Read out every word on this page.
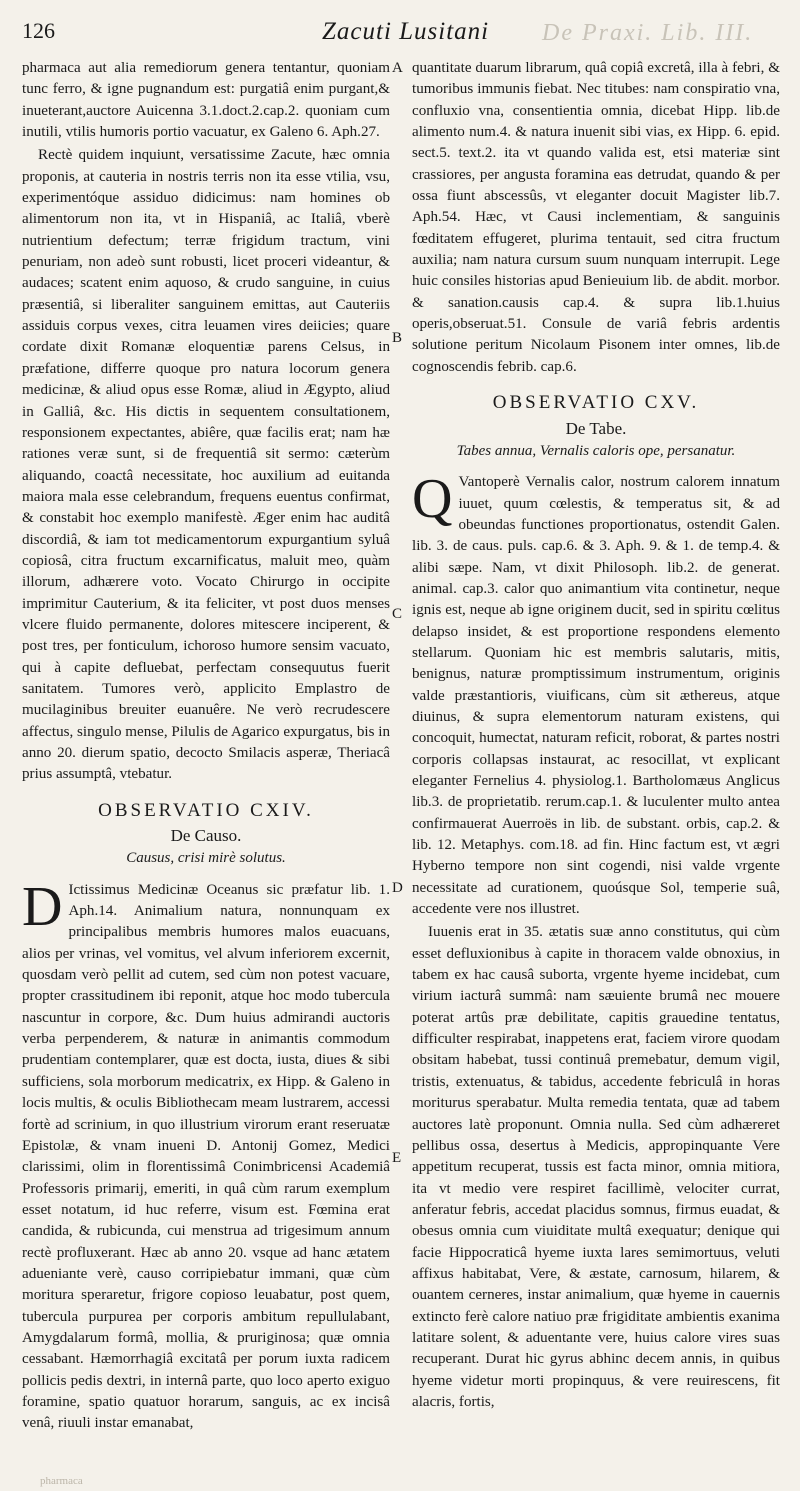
126	Zacuti Lusitani De Praxi. Lib. III.
A
B
C
D
E

pharmaca aut alia remediorum genera tentantur, quoniam tunc ferro, & igne pugnandum est: purgatiâ enim purgant,& inueterant,auctore Auicenna 3.1.doct.2.cap.2. quoniam cum inutili, vtilis humoris portio vacuatur, ex Galeno 6. Aph.27.

Rectè quidem inquiunt, versatissime Zacute, hæc omnia proponis, at cauteria in nostris terris non ita esse vtilia, vsu, experimentóque assiduo didicimus: nam homines ob alimentorum non ita, vt in Hispaniâ, ac Italiâ, vberè nutrientium defectum; terræ frigidum tractum, vini penuriam, non adeò sunt robusti, licet proceri videantur, & audaces; scatent enim aquoso, & crudo sanguine, in cuius præsentiâ, si liberaliter sanguinem emittas, aut Cauteriis assiduis corpus vexes, citra leuamen vires deiicies; quare cordate dixit Romanæ eloquentiæ parens Celsus, in præfatione, differre quoque pro natura locorum genera medicinæ, & aliud opus esse Romæ, aliud in Ægypto, aliud in Galliâ, &c. His dictis in sequentem consultationem, responsionem expectantes, abiêre, quæ facilis erat; nam hæ rationes veræ sunt, si de frequentiâ sit sermo: cæterùm aliquando, coactâ necessitate, hoc auxilium ad euitanda maiora mala esse celebrandum, frequens euentus confirmat, & constabit hoc exemplo manifestè. Æger enim hac auditâ discordiâ, & iam tot medicamentorum expurgantium syluâ copiosâ, citra fructum excarnificatus, maluit meo, quàm illorum, adhærere voto. Vocato Chirurgo in occipite imprimitur Cauterium, & ita feliciter, vt post duos menses vlcere fluido permanente, dolores mitescere inciperent, & post tres, per fonticulum, ichoroso humore sensim vacuato, qui à capite defluebat, perfectam consequutus fuerit sanitatem. Tumores verò, applicito Emplastro de mucilaginibus breuiter euanuêre. Ne verò recrudescere affectus, singulo mense, Pilulis de Agarico expurgatus, bis in anno 20. dierum spatio, decocto Smilacis asperæ, Theriacâ prius assumptâ, vtebatur.

OBSERVATIO CXIV.
De Causo.
Causus, crisi mirè solutus.
D Ictissimus Medicinæ Oceanus sic præfatur lib. 1. Aph.14. Animalium natura, nonnunquam ex principalibus membris humores malos euacuans, alios per vrinas, vel vomitus, vel alvum inferiorem excernit, quosdam verò pellit ad cutem, sed cùm non potest vacuare, propter crassitudinem ibi reponit, atque hoc modo tubercula nascuntur in corpore, &c. Dum huius admirandi auctoris verba perpenderem, & naturæ in animantis commodum prudentiam contemplarer, quæ est docta, iusta, diues & sibi sufficiens, sola morborum medicatrix, ex Hipp. & Galeno in locis multis, & oculis Bibliothecam meam lustrarem, accessi fortè ad scrinium, in quo illustrium virorum erant reseruatæ Epistolæ, & vnam inueni D. Antonij Gomez, Medici clarissimi, olim in florentissimâ Conimbricensi Academiâ Professoris primarij, emeriti, in quâ cùm rarum exemplum esset notatum, id huc referre, visum est. Fœmina erat candida, & rubicunda, cui menstrua ad trigesimum annum rectè profluxerant. Hæc ab anno 20. vsque ad hanc ætatem adueniante verè, causo corripiebatur immani, quæ cùm moritura speraretur, frigore copioso leuabatur, post quem, tubercula purpurea per corporis ambitum repullulabant, Amygdalarum formâ, mollia, & pruriginosa; quæ omnia cessabant. Hæmorrhagiâ excitatâ per porum iuxta radicem pollicis pedis dextri, in internâ parte, quo loco aperto exiguo foramine, spatio quatuor horarum, sanguis, ac ex incisâ venâ, riuuli instar emanabat,

quantitate duarum librarum, quâ copiâ excretâ, illa à febri, & tumoribus immunis fiebat. Nec titubes: nam conspiratio vna, confluxio vna, consentientia omnia, dicebat Hipp. lib.de alimento num.4. & natura inuenit sibi vias, ex Hipp. 6. epid. sect.5. text.2. ita vt quando valida est, etsi materiæ sint crassiores, per angusta foramina eas detrudat, quando & per ossa fiunt abscessûs, vt eleganter docuit Magister lib.7. Aph.54. Hæc, vt Causi inclementiam, & sanguinis fœditatem effugeret, plurima tentauit, sed citra fructum auxilia; nam natura cursum suum nunquam interrupit. Lege huic consiles historias apud Benieuium lib. de abdit. morbor. & sanation.causis cap.4. & supra lib.1.huius operis,obseruat.51. Consule de variâ febris ardentis solutione peritum Nicolaum Pisonem inter omnes, lib.de cognoscendis febrib. cap.6.

OBSERVATIO CXV.
De Tabe.
Tabes annua, Vernalis caloris ope, persanatur.
Q Vantoperè Vernalis calor, nostrum calorem innatum iuuet, quum cœlestis, & temperatus sit, & ad obeundas functiones proportionatus, ostendit Galen. lib. 3. de caus. puls. cap.6. & 3. Aph. 9. & 1. de temp.4. & alibi sæpe. Nam, vt dixit Philosoph. lib.2. de generat. animal. cap.3. calor quo animantium vita continetur, neque ignis est, neque ab igne originem ducit, sed in spiritu cœlitus delapso insidet, & est proportione respondens elemento stellarum. Quoniam hic est membris salutaris, mitis, benignus, naturæ promptissimum instrumentum, originis valde præstantioris, viuificans, cùm sit æthereus, atque diuinus, & supra elementorum naturam existens, qui concoquit, humectat, naturam reficit, roborat, & partes nostri corporis collapsas instaurat, ac resocillat, vt explicant eleganter Fernelius 4. physiolog.1. Bartholomæus Anglicus lib.3. de proprietatib. rerum.cap.1. & luculenter multo antea confirmauerat Auerroës in lib. de substant. orbis, cap.2. & lib. 12. Metaphys. com.18. ad fin. Hinc factum est, vt ægri Hyberno tempore non sint cogendi, nisi valde vrgente necessitate ad curationem, quoúsque Sol, temperie suâ, accedente vere nos illustret.

Iuuenis erat in 35. ætatis suæ anno constitutus, qui cùm esset defluxionibus à capite in thoracem valde obnoxius, in tabem ex hac causâ suborta, vrgente hyeme incidebat, cum virium iacturâ summâ: nam sæuiente brumâ nec mouere poterat artûs præ debilitate, capitis grauedine tentatus, difficulter respirabat, inappetens erat, faciem virore quodam obsitam habebat, tussi continuâ premebatur, demum vigil, tristis, extenuatus, & tabidus, accedente febriculâ in horas moriturus sperabatur. Multa remedia tentata, quæ ad tabem auctores latè proponunt. Omnia nulla. Sed cùm adhæreret pellibus ossa, desertus à Medicis, appropinquante Vere appetitum recuperat, tussis est facta minor, omnia mitiora, ita vt medio vere respiret facillimè, velociter currat, anferatur febris, accedat placidus somnus, firmus euadat, & obesus omnia cum viuiditate multâ exequatur; denique qui facie Hippocraticâ hyeme iuxta lares semimortuus, veluti affixus habitabat, Vere, & æstate, carnosum, hilarem, & ouantem cerneres, instar animalium, quæ hyeme in cauernis extincto ferè calore natiuo præ frigiditate ambientis exanima latitare solent, & aduentante vere, huius calore vires suas recuperant. Durat hic gyrus abhinc decem annis, in quibus hyeme videtur morti propinquus, & vere reuirescens, fit alacris, fortis,

pharmaca
